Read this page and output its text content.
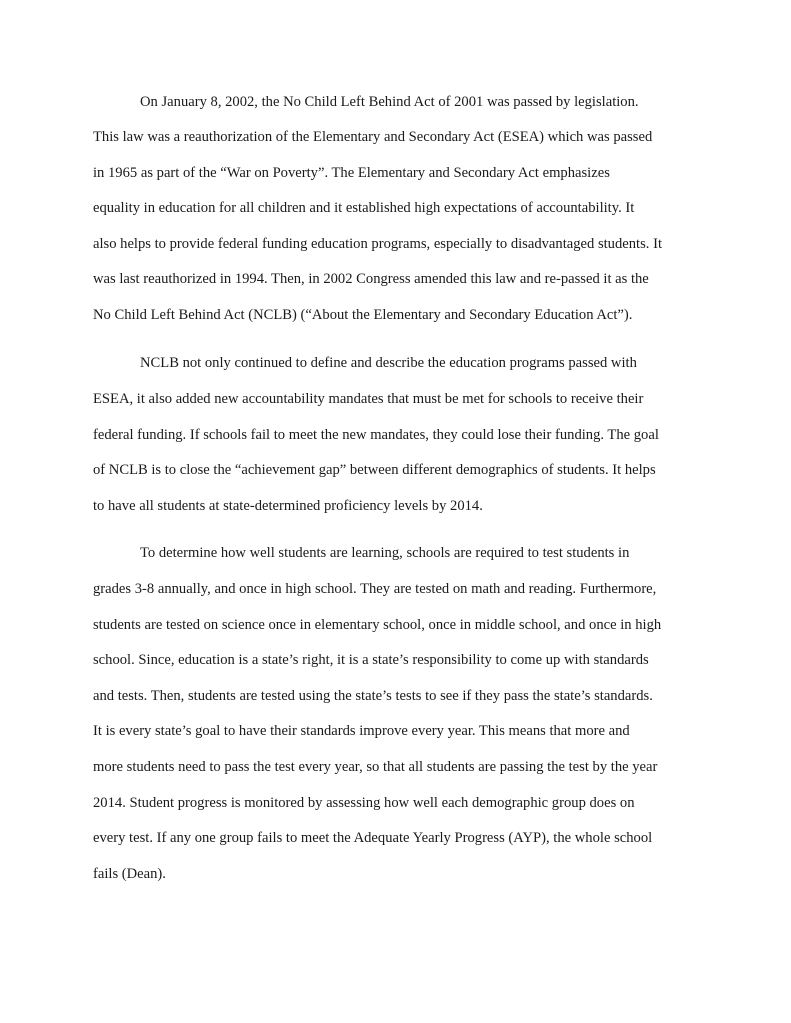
On January 8, 2002, the No Child Left Behind Act of 2001 was passed by legislation.
This law was a reauthorization of the Elementary and Secondary Act (ESEA) which was passed
in 1965 as part of the “War on Poverty”. The Elementary and Secondary Act emphasizes
equality in education for all children and it established high expectations of accountability. It
also helps to provide federal funding education programs, especially to disadvantaged students. It
was last reauthorized in 1994. Then, in 2002 Congress amended this law and re-passed it as the
No Child Left Behind Act (NCLB) (“About the Elementary and Secondary Education Act”).
NCLB not only continued to define and describe the education programs passed with
ESEA, it also added new accountability mandates that must be met for schools to receive their
federal funding. If schools fail to meet the new mandates, they could lose their funding. The goal
of NCLB is to close the “achievement gap” between different demographics of students. It helps
to have all students at state-determined proficiency levels by 2014.
To determine how well students are learning, schools are required to test students in
grades 3-8 annually, and once in high school. They are tested on math and reading. Furthermore,
students are tested on science once in elementary school, once in middle school, and once in high
school. Since, education is a state’s right, it is a state’s responsibility to come up with standards
and tests. Then, students are tested using the state’s tests to see if they pass the state’s standards.
It is every state’s goal to have their standards improve every year. This means that more and
more students need to pass the test every year, so that all students are passing the test by the year
2014. Student progress is monitored by assessing how well each demographic group does on
every test. If any one group fails to meet the Adequate Yearly Progress (AYP), the whole school
fails (Dean).
